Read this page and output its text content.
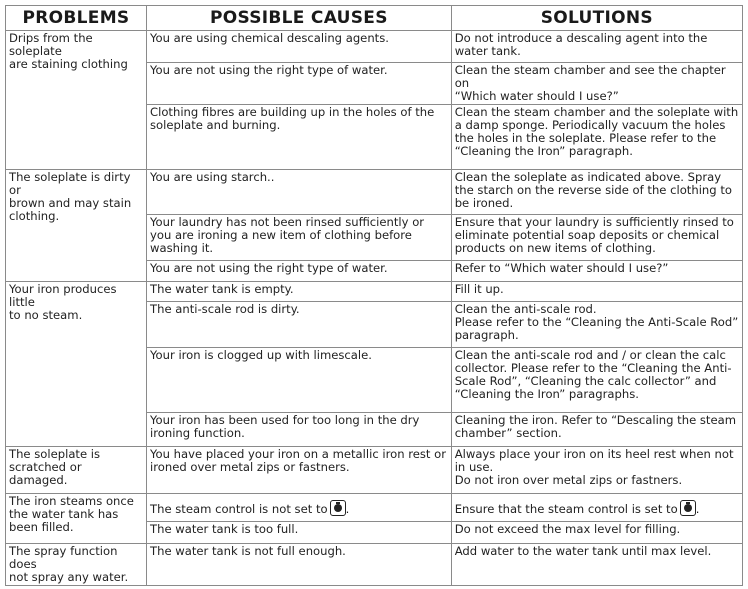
PROBLEMS	POSSIBLE CAUSES	SOLUTIONS

Drips from the soleplate
are staining clothing	You are using chemical descaling agents.	Do not introduce a descaling agent into the
water tank.

	You are not using the right type of water.	Clean the steam chamber and see the chapter on
“Which water should I use?”

	Clothing fibres are building up in the holes of the
soleplate and burning.	Clean the steam chamber and the soleplate with
a damp sponge. Periodically vacuum the holes
the holes in the soleplate. Please refer to the
“Cleaning the Iron” paragraph.

The soleplate is dirty or
brown and may stain
clothing.	You are using starch..	Clean the soleplate as indicated above. Spray
the starch on the reverse side of the clothing to
be ironed.

	Your laundry has not been rinsed sufficiently or
you are ironing a new item of clothing before
washing it.	Ensure that your laundry is sufficiently rinsed to
eliminate potential soap deposits or chemical
products on new items of clothing.

	You are not using the right type of water.	Refer to “Which water should I use?”

Your iron produces little
to no steam.	The water tank is empty.	Fill it up.

	The anti-scale rod is dirty.	Clean the anti-scale rod.
Please refer to the “Cleaning the Anti-Scale Rod”
paragraph.

	Your iron is clogged up with limescale.	Clean the anti-scale rod and / or clean the calc
collector. Please refer to the “Cleaning the Anti-
Scale Rod”, “Cleaning the calc collector” and
“Cleaning the Iron” paragraphs.

	Your iron has been used for too long in the dry
ironing function.	Cleaning the iron. Refer to “Descaling the steam
chamber” section.

The soleplate is
scratched or damaged.	You have placed your iron on a metallic iron rest or
ironed over metal zips or fastners.	Always place your iron on its heel rest when not
in use.
Do not iron over metal zips or fastners.

The iron steams once
the water tank has
been filled.	The steam control is not set to .	Ensure that the steam control is set to .

	The water tank is too full.	Do not exceed the max level for filling.

The spray function does
not spray any water.	The water tank is not full enough.	Add water to the water tank until max level.
